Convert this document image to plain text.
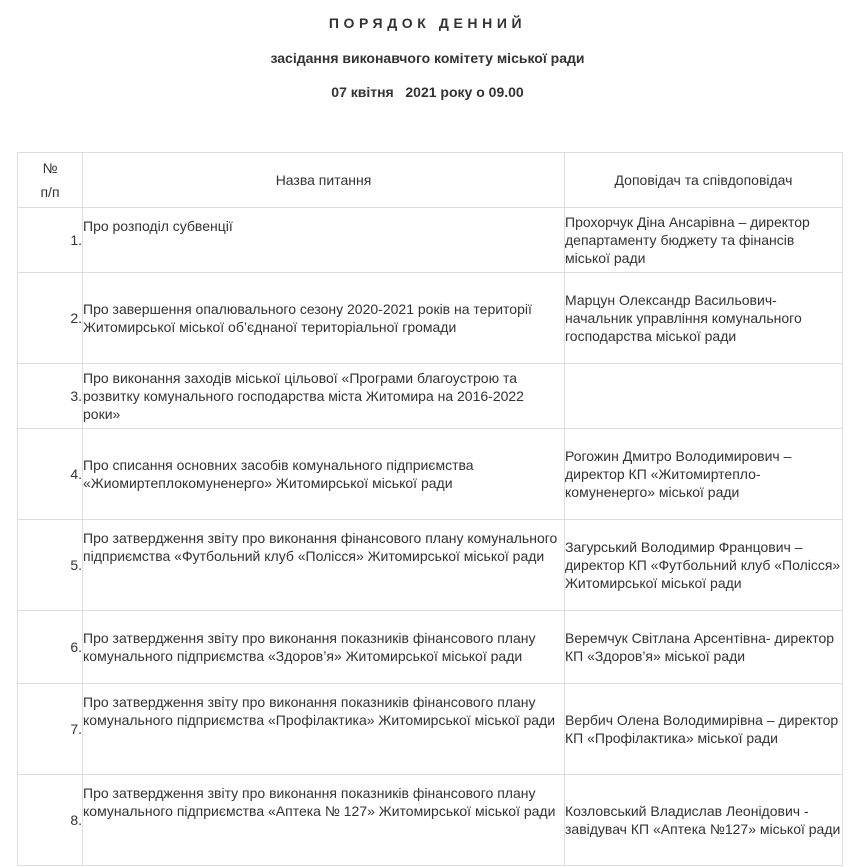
ПОРЯДОК ДЕННИЙ
засідання виконавчого комітету міської ради
07 квітня   2021 року о 09.00
№
п/п	Назва питання	Доповідач та співдоповідач
1.	Про розподіл субвенції	Прохорчук Діна Ансарівна – директор департаменту бюджету та фінансів міської ради
2.	Про завершення опалювального сезону 2020-2021 років на території Житомирської міської об’єднаної територіальної громади	Марцун Олександр Васильович- начальник управління комунального господарства міської ради
3.	Про виконання заходів міської цільової «Програми благоустрою та розвитку комунального господарства міста Житомира на 2016-2022 роки»	
4.	Про списання основних засобів комунального підприємства «Жиомиртеплокомуненерго» Житомирської міської ради	Рогожин Дмитро Володимирович – директор КП «Житомиртепло-комуненерго» міської ради
5.	Про затвердження звіту про виконання фінансового плану комунального підприємства «Футбольний клуб «Полісся» Житомирської міської ради	Загурський Володимир Францович – директор КП «Футбольний клуб «Полісся» Житомирської міської ради
6.	Про затвердження звіту про виконання показників фінансового плану комунального підприємства «Здоров’я» Житомирської міської ради	Веремчук Світлана Арсентівна- директор КП «Здоров’я» міської ради
7.	Про затвердження звіту про виконання показників фінансового плану комунального підприємства «Профілактика» Житомирської міської ради	Вербич Олена Володимирівна – директор КП «Профілактика» міської ради
8.	Про затвердження звіту про виконання показників фінансового плану комунального підприємства «Аптека № 127» Житомирської міської ради	Козловський Владислав Леонідович - завідувач КП «Аптека №127» міської ради
